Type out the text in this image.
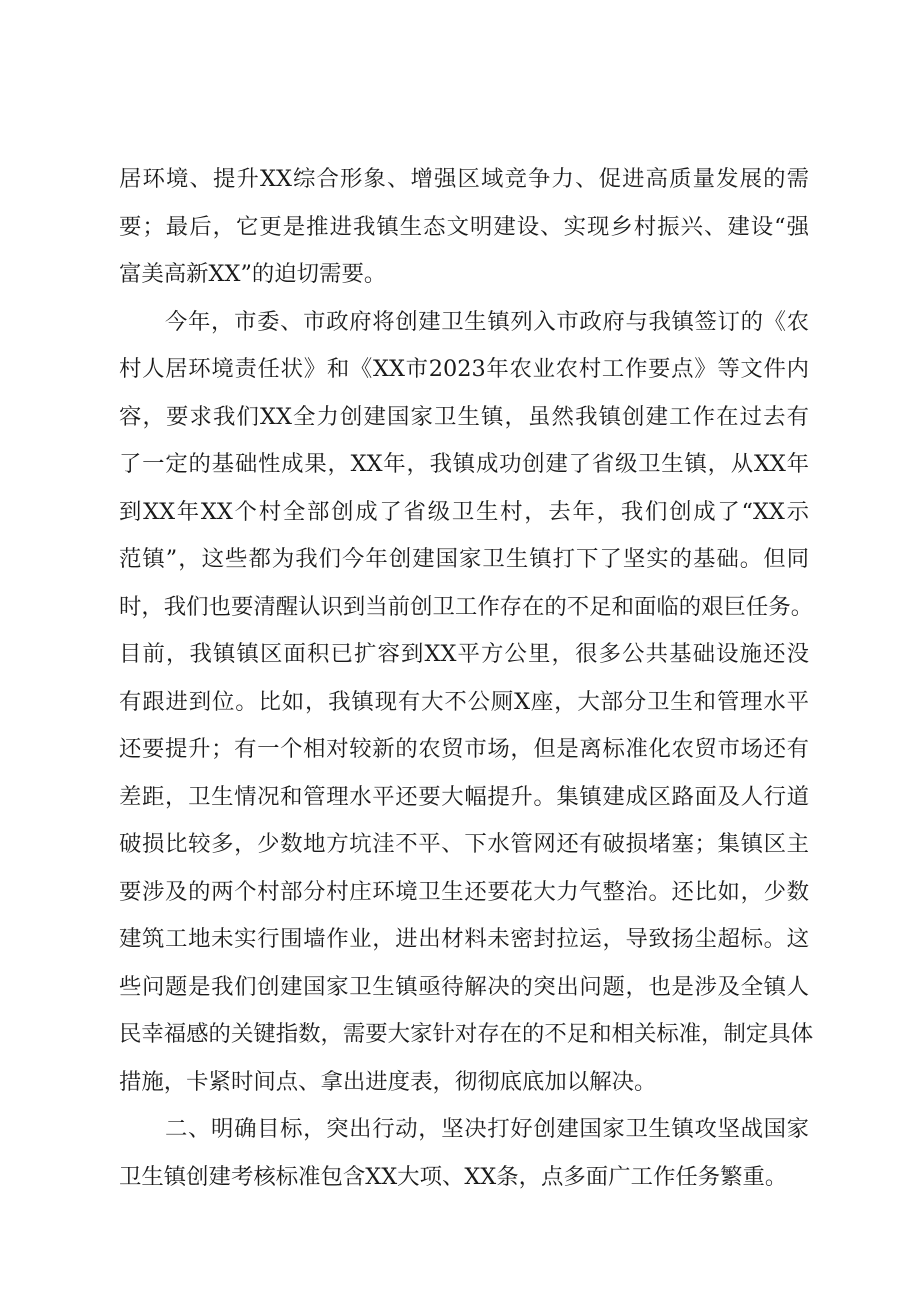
居环境、提升XX综合形象、增强区域竞争力、促进高质量发展的需
要；最后，它更是推进我镇生态文明建设、实现乡村振兴、建设“强
富美高新XX”的迫切需要。
今年，市委、市政府将创建卫生镇列入市政府与我镇签订的《农
村人居环境责任状》和《XX市2023年农业农村工作要点》等文件内
容，要求我们XX全力创建国家卫生镇，虽然我镇创建工作在过去有
了一定的基础性成果，XX年，我镇成功创建了省级卫生镇，从XX年
到XX年XX个村全部创成了省级卫生村，去年，我们创成了“XX示
范镇”，这些都为我们今年创建国家卫生镇打下了坚实的基础。但同
时，我们也要清醒认识到当前创卫工作存在的不足和面临的艰巨任务。
目前，我镇镇区面积已扩容到XX平方公里，很多公共基础设施还没
有跟进到位。比如，我镇现有大不公厕X座，大部分卫生和管理水平
还要提升；有一个相对较新的农贸市场，但是离标准化农贸市场还有
差距，卫生情况和管理水平还要大幅提升。集镇建成区路面及人行道
破损比较多，少数地方坑洼不平、下水管网还有破损堵塞；集镇区主
要涉及的两个村部分村庄环境卫生还要花大力气整治。还比如，少数
建筑工地未实行围墙作业，进出材料未密封拉运，导致扬尘超标。这
些问题是我们创建国家卫生镇亟待解决的突出问题，也是涉及全镇人
民幸福感的关键指数，需要大家针对存在的不足和相关标准，制定具体
措施，卡紧时间点、拿出进度表，彻彻底底加以解决。
二、明确目标，突出行动，坚决打好创建国家卫生镇攻坚战国家
卫生镇创建考核标准包含XX大项、XX条，点多面广工作任务繁重。
